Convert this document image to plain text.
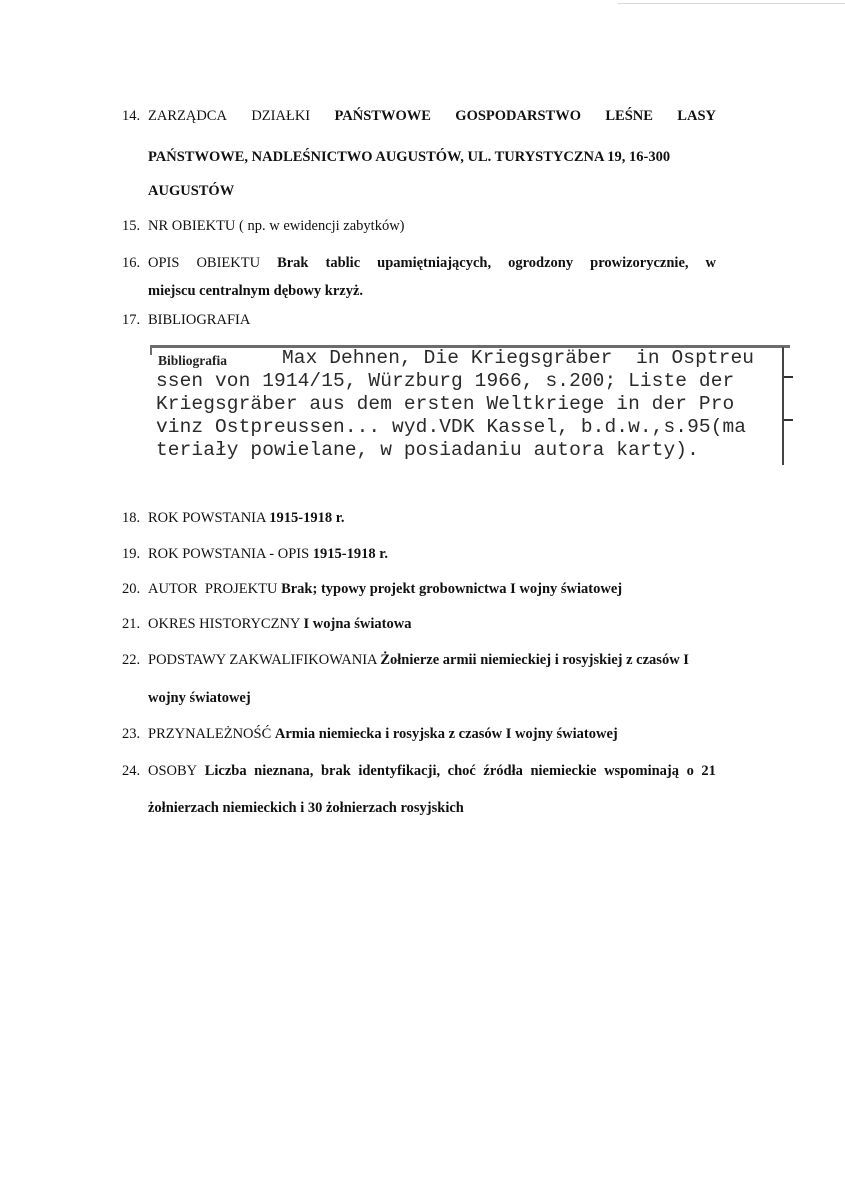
14. ZARZĄDCA DZIAŁKI PAŃSTWOWE GOSPODARSTWO LEŚNE LASY
PAŃSTWOWE, NADLEŚNICTWO AUGUSTÓW, UL. TURYSTYCZNA 19, 16-300
AUGUSTÓW
15. NR OBIEKTU ( np. w ewidencji zabytków)
16. OPIS OBIEKTU Brak tablic upamiętniających, ogrodzony prowizorycznie, w
miejscu centralnym dębowy krzyż.
17. BIBLIOGRAFIA
Bibliografia	Max Dehnen, Die Kriegsgräber  in Osptreu
ssen von 1914/15, Würzburg 1966, s.200; Liste der
Kriegsgräber aus dem ersten Weltkriege in der Pro
vinz Ostpreussen... wyd.VDK Kassel, b.d.w.,s.95(ma
teriały powielane, w posiadaniu autora karty).
18. ROK POWSTANIA 1915-1918 r.
19. ROK POWSTANIA - OPIS 1915-1918 r.
20. AUTOR  PROJEKTU Brak; typowy projekt grobownictwa I wojny światowej
21. OKRES HISTORYCZNY I wojna światowa
22. PODSTAWY ZAKWALIFIKOWANIA Żołnierze armii niemieckiej i rosyjskiej z czasów I
wojny światowej
23. PRZYNALEŻNOŚĆ Armia niemiecka i rosyjska z czasów I wojny światowej
24. OSOBY Liczba nieznana, brak identyfikacji, choć źródła niemieckie wspominają o 21
żołnierzach niemieckich i 30 żołnierzach rosyjskich
